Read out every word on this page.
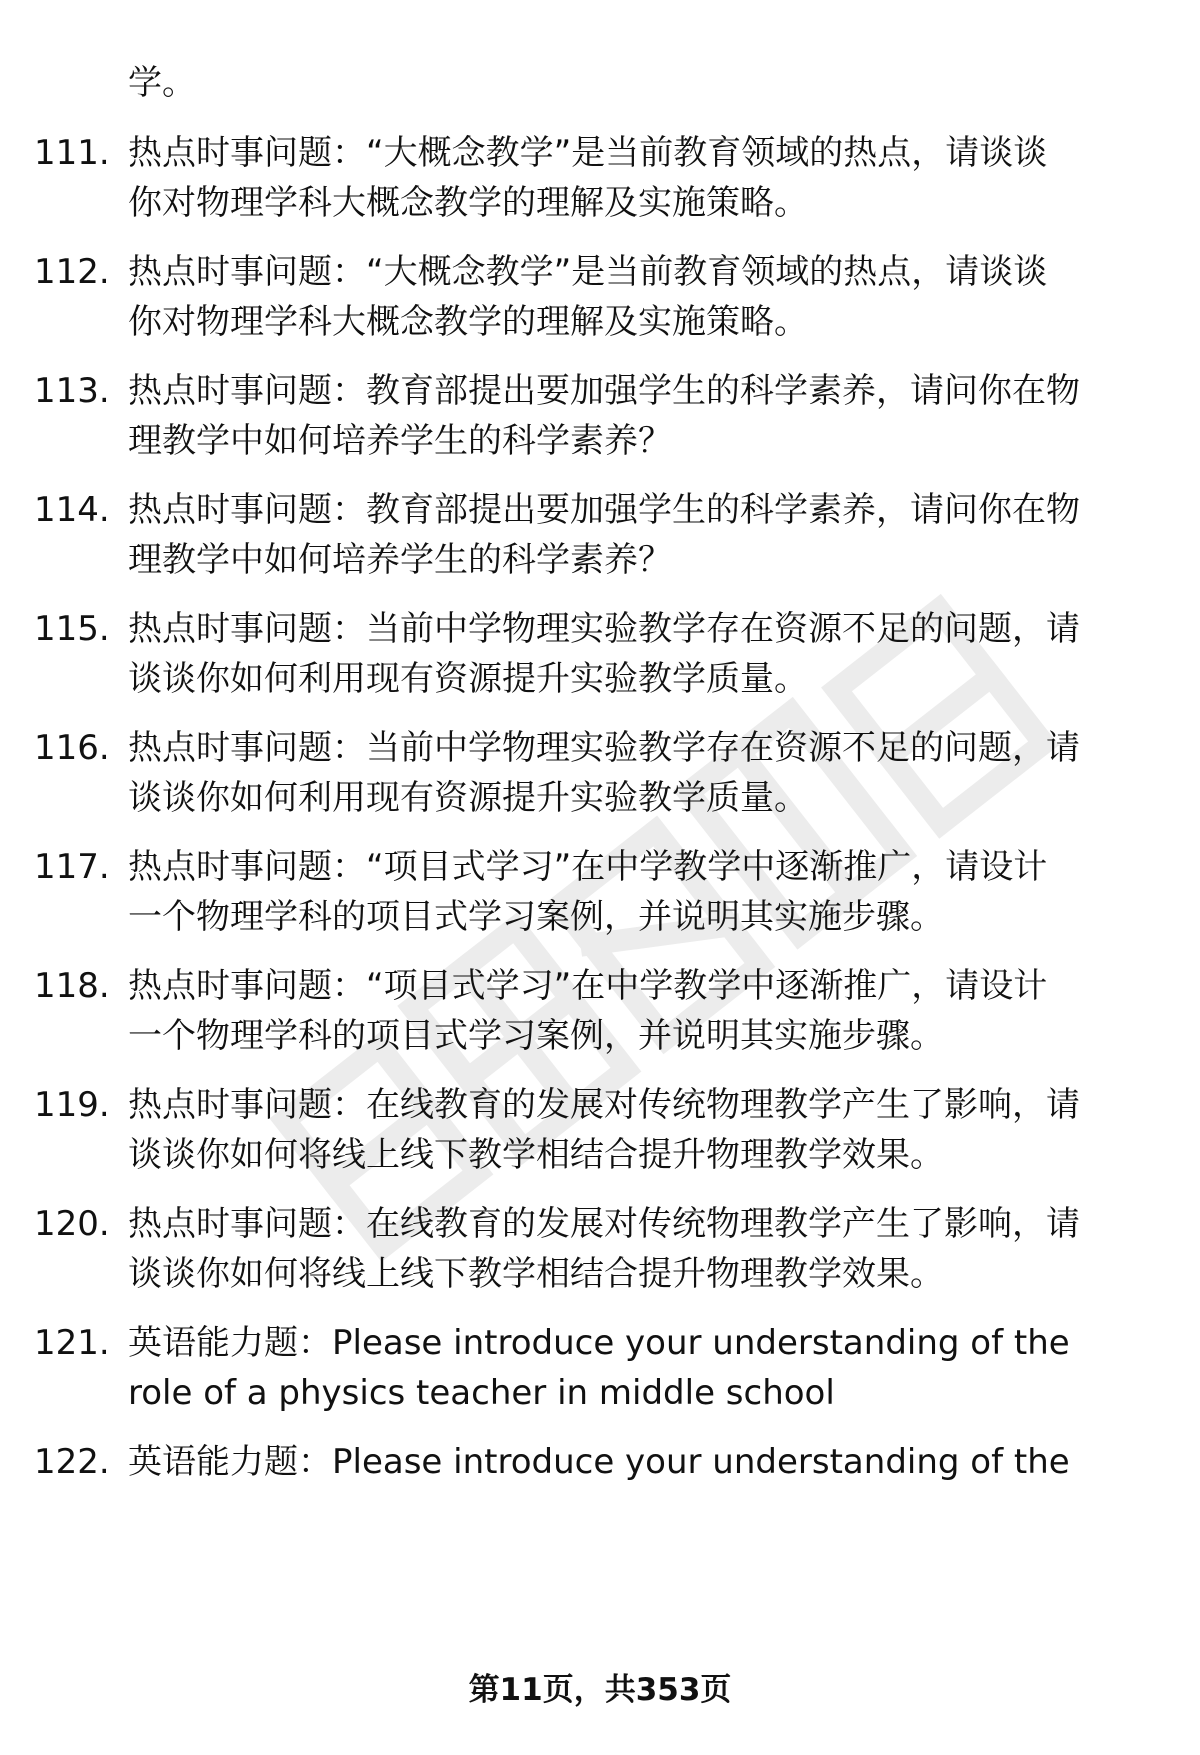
学。
111. 热点时事问题：“大概念教学”是当前教育领域的热点，请谈谈
你对物理学科大概念教学的理解及实施策略。
112. 热点时事问题：“大概念教学”是当前教育领域的热点，请谈谈
你对物理学科大概念教学的理解及实施策略。
113. 热点时事问题：教育部提出要加强学生的科学素养，请问你在物
理教学中如何培养学生的科学素养？
114. 热点时事问题：教育部提出要加强学生的科学素养，请问你在物
理教学中如何培养学生的科学素养？
115. 热点时事问题：当前中学物理实验教学存在资源不足的问题，请
谈谈你如何利用现有资源提升实验教学质量。
116. 热点时事问题：当前中学物理实验教学存在资源不足的问题，请
谈谈你如何利用现有资源提升实验教学质量。
117. 热点时事问题：“项目式学习”在中学教学中逐渐推广，请设计
一个物理学科的项目式学习案例，并说明其实施步骤。
118. 热点时事问题：“项目式学习”在中学教学中逐渐推广，请设计
一个物理学科的项目式学习案例，并说明其实施步骤。
119. 热点时事问题：在线教育的发展对传统物理教学产生了影响，请
谈谈你如何将线上线下教学相结合提升物理教学效果。
120. 热点时事问题：在线教育的发展对传统物理教学产生了影响，请
谈谈你如何将线上线下教学相结合提升物理教学效果。
121. 英语能力题：Please introduce your understanding of the
role of a physics teacher in middle school
122. 英语能力题：Please introduce your understanding of the
第11页，共353页
